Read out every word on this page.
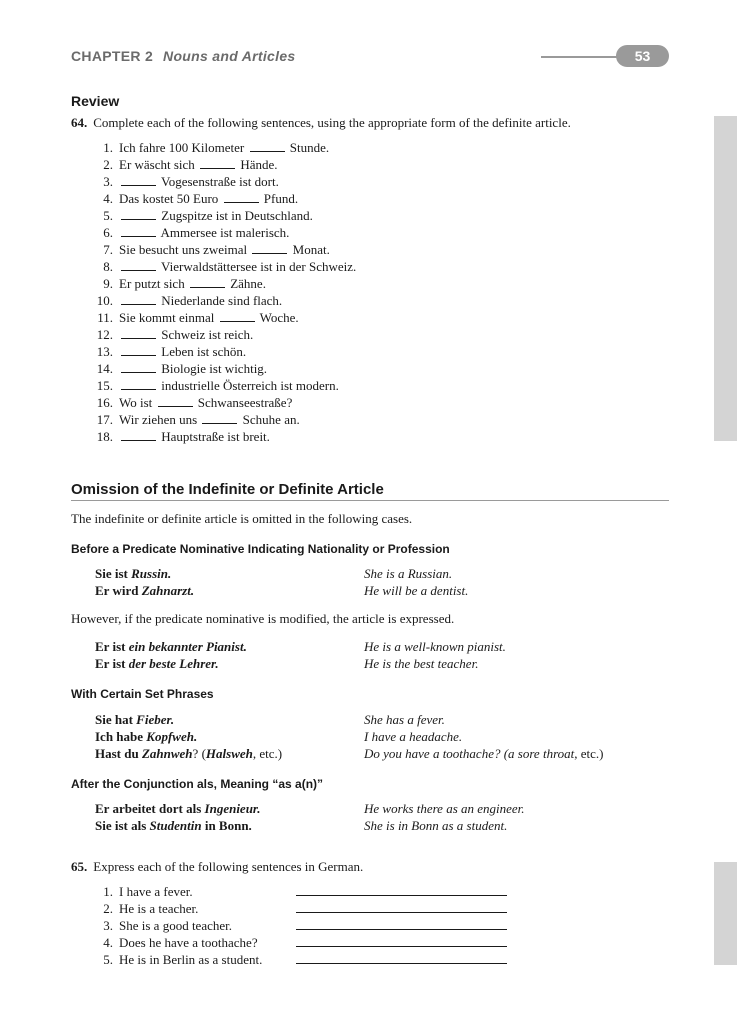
CHAPTER 2 Nouns and Articles	53
Review
64. Complete each of the following sentences, using the appropriate form of the definite article.
1. Ich fahre 100 Kilometer	Stunde.
2. Er wäscht sich	Hände.
3.	Vogesenstraße ist dort.
4. Das kostet 50 Euro	Pfund.
5.	Zugspitze ist in Deutschland.
6.	Ammersee ist malerisch.
7. Sie besucht uns zweimal	Monat.
8.	Vierwaldstättersee ist in der Schweiz.
9. Er putzt sich	Zähne.
10.	Niederlande sind flach.
11. Sie kommt einmal	Woche.
12.	Schweiz ist reich.
13.	Leben ist schön.
14.	Biologie ist wichtig.
15.	industrielle Österreich ist modern.
16. Wo ist	Schwanseestraße?
17. Wir ziehen uns	Schuhe an.
18.	Hauptstraße ist breit.
Omission of the Indefinite or Definite Article
The indefinite or definite article is omitted in the following cases.
Before a Predicate Nominative Indicating Nationality or Profession
Sie ist Russin.	She is a Russian.
Er wird Zahnarzt.	He will be a dentist.
However, if the predicate nominative is modified, the article is expressed.
Er ist ein bekannter Pianist.	He is a well-known pianist.
Er ist der beste Lehrer.	He is the best teacher.
With Certain Set Phrases
Sie hat Fieber.	She has a fever.
Ich habe Kopfweh.	I have a headache.
Hast du Zahnweh? (Halsweh, etc.)	Do you have a toothache? (a sore throat, etc.)
After the Conjunction als, Meaning “as a(n)”
Er arbeitet dort als Ingenieur.	He works there as an engineer.
Sie ist als Studentin in Bonn.	She is in Bonn as a student.
65. Express each of the following sentences in German.
1. I have a fever.
2. He is a teacher.
3. She is a good teacher.
4. Does he have a toothache?
5. He is in Berlin as a student.
